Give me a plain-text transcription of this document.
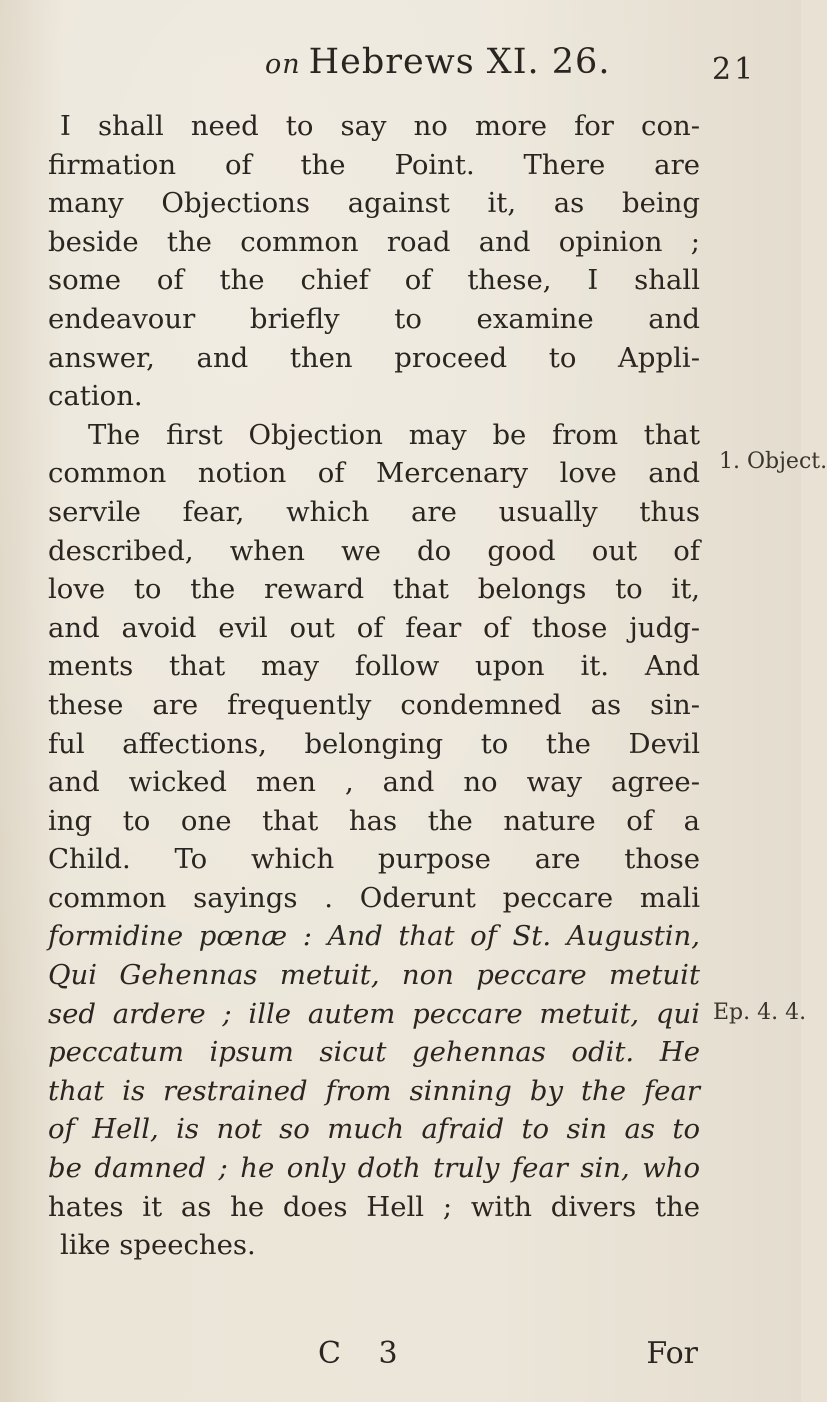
on Hebrews XI. 26.	21
I shall need to say no more for con-
firmation of the Point. There are
many Objections against it, as being
beside the common road and opinion ;
some of the chief of these, I shall
endeavour briefly to examine and
answer, and then proceed to Appli-
cation.
The first Objection may be from that
common notion of Mercenary love and
servile fear, which are usually thus
described, when we do good out of
love to the reward that belongs to it,
and avoid evil out of fear of those judg-
ments that may follow upon it. And
these are frequently condemned as sin-
ful affections, belonging to the Devil
and wicked men , and no way agree-
ing to one that has the nature of a
Child. To which purpose are those
common sayings . Oderunt peccare mali
formidine pœnæ : And that of St. Augustin,
Qui Gehennas metuit, non peccare metuit
sed ardere ; ille autem peccare metuit, qui
peccatum ipsum sicut gehennas odit. He
that is restrained from sinning by the fear
of Hell, is not so much afraid to sin as to
be damned ; he only doth truly fear sin, who
hates it as he does Hell ; with divers the
like speeches.
C 3	For
1. Object.
Ep. 4. 4.
